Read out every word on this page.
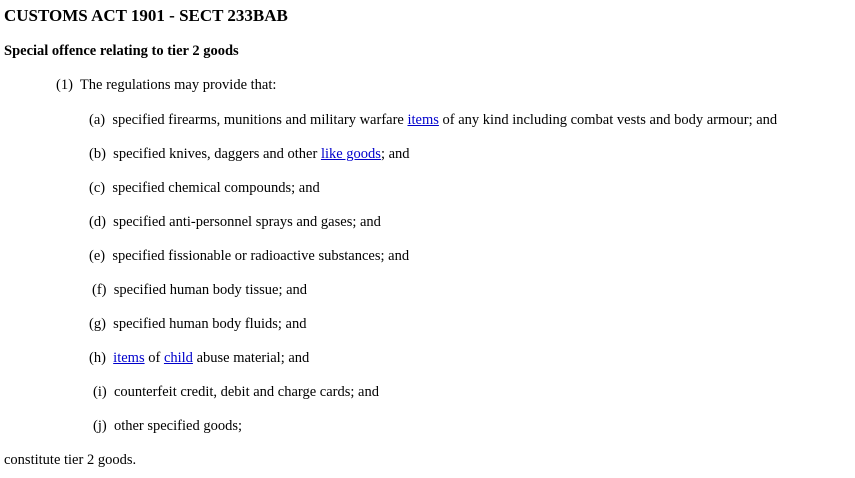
CUSTOMS ACT 1901 - SECT 233BAB
Special offence relating to tier 2 goods
(1) The regulations may provide that:
(a) specified firearms, munitions and military warfare items of any kind including combat vests and body armour; and
(b) specified knives, daggers and other like goods; and
(c) specified chemical compounds; and
(d) specified anti-personnel sprays and gases; and
(e) specified fissionable or radioactive substances; and
(f) specified human body tissue; and
(g) specified human body fluids; and
(h) items of child abuse material; and
(i) counterfeit credit, debit and charge cards; and
(j) other specified goods;
constitute tier 2 goods.
